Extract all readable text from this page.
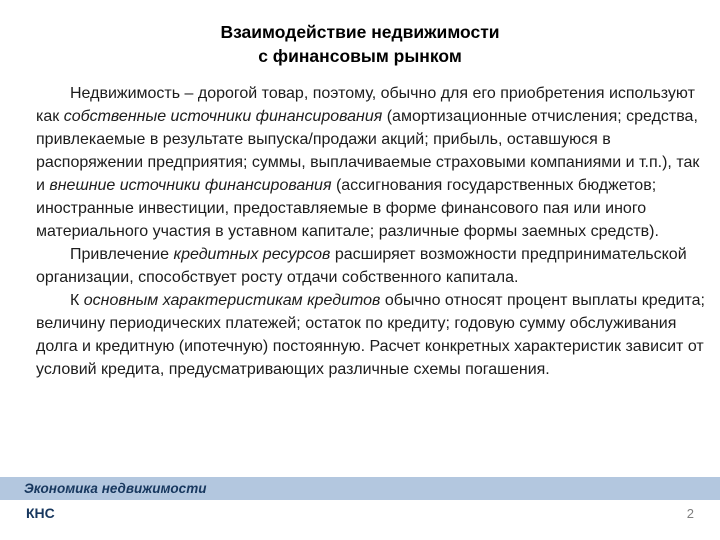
Взаимодействие недвижимости
с финансовым рынком

Недвижимость – дорогой товар, поэтому, обычно для его приобретения используют как собственные источники финансирования (амортизационные отчисления; средства, привлекаемые в результате выпуска/продажи акций; прибыль, оставшуюся в распоряжении предприятия; суммы, выплачиваемые страховыми компаниями и т.п.), так и внешние источники финансирования (ассигнования государственных бюджетов; иностранные инвестиции, предоставляемые в форме финансового пая или иного материального участия в уставном капитале; различные формы заемных средств).

Привлечение кредитных ресурсов расширяет возможности предпринимательской организации, способствует росту отдачи собственного капитала.

К основным характеристикам кредитов обычно относят процент выплаты кредита; величину периодических платежей; остаток по кредиту; годовую сумму обслуживания долга и кредитную (ипотечную) постоянную. Расчет конкретных характеристик зависит от условий кредита, предусматривающих различные схемы погашения.

Экономика недвижимости
КНС	2
